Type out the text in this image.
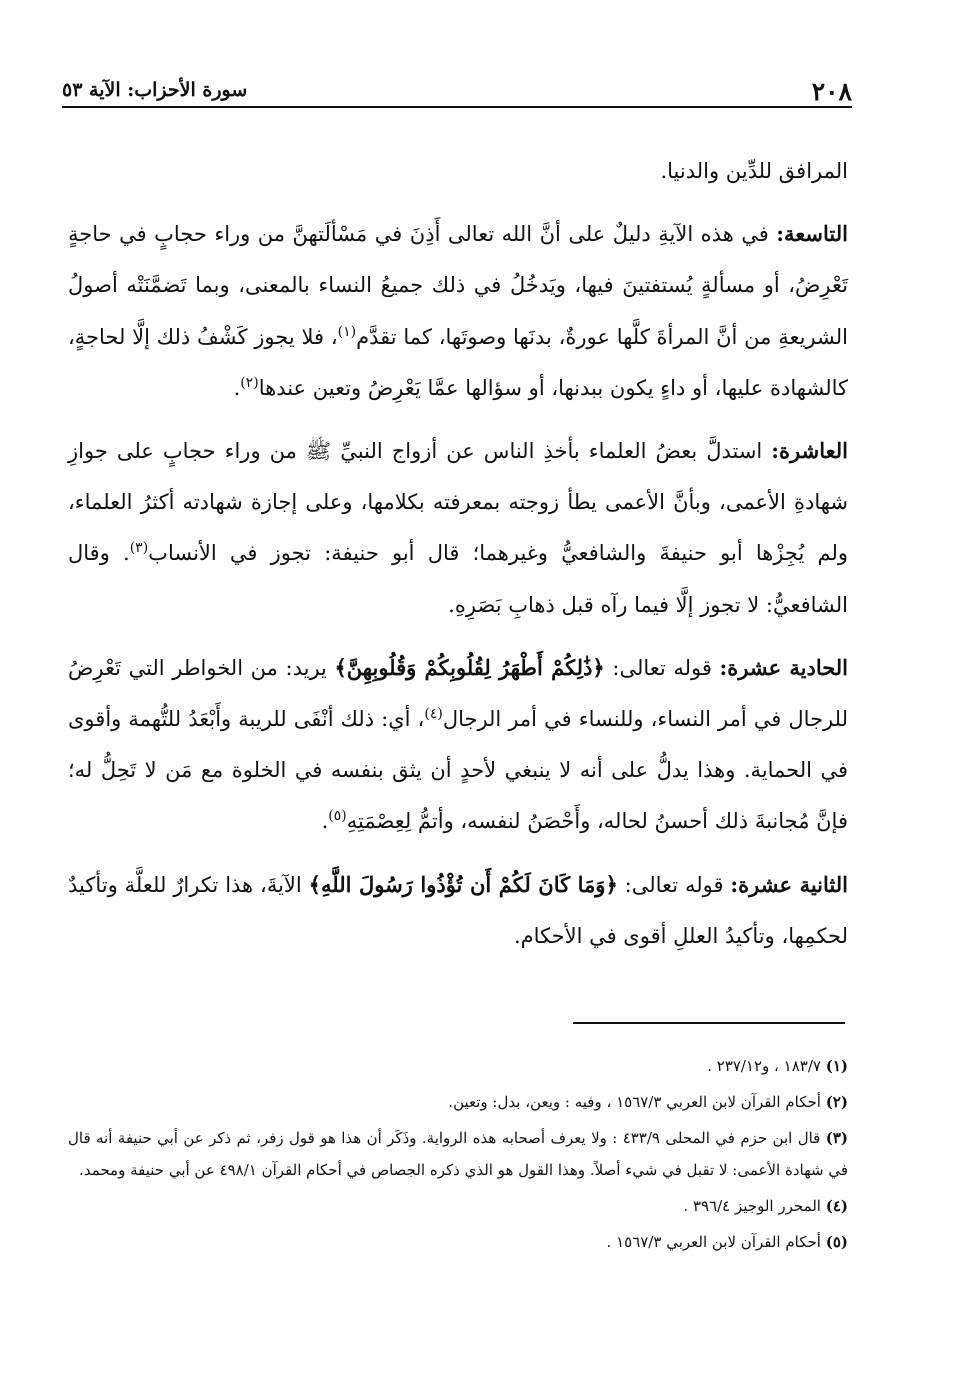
٢٠٨
سورة الأحزاب: الآية ٥٣

المرافق للدِّين والدنيا.

التاسعة: في هذه الآيةِ دليلٌ على أنَّ الله تعالى أَذِنَ في مَسْألَتهنَّ من وراء حجابٍ في حاجةٍ تَعْرِضُ، أو مسألةٍ يُستفتينَ فيها، ويَدخُلُ في ذلك جميعُ النساء بالمعنى، وبما تَضمَّنَتْه أصولُ الشريعةِ من أنَّ المرأةَ كلَّها عورةٌ، بدنَها وصوتَها، كما تقدَّم$^{(١)}$، فلا يجوز كَشْفُ ذلك إلَّا لحاجةٍ، كالشهادة عليها، أو داءٍ يكون ببدنها، أو سؤالها عمَّا يَعْرِضُ وتعين عندها$^{(٢)}$.

العاشرة: استدلَّ بعضُ العلماء بأخذِ الناس عن أزواج النبيِّ ﷺ من وراء حجابٍ على جوازِ شهادةِ الأعمى، وبأنَّ الأعمى يطأ زوجته بمعرفته بكلامها، وعلى إجازة شهادته أكثرُ العلماء، ولم يُجِزْها أبو حنيفةَ والشافعيُّ وغيرهما؛ قال أبو حنيفة: تجوز في الأنساب$^{(٣)}$. وقال الشافعيُّ: لا تجوز إلَّا فيما رآه قبل ذهابِ بَصَرِهِ.

الحادية عشرة: قوله تعالى: ﴿ذَٰلِكُمْ أَطْهَرُ لِقُلُوبِكُمْ وَقُلُوبِهِنَّ﴾ يريد: من الخواطر التي تَعْرِضُ للرجال في أمر النساء، وللنساء في أمر الرجال$^{(٤)}$، أي: ذلك أنْفَى للريبة وأَبْعَدُ للتُّهمة وأقوى في الحماية. وهذا يدلُّ على أنه لا ينبغي لأحدٍ أن يثق بنفسه في الخلوة مع مَن لا تَحِلُّ له؛ فإنَّ مُجانبةَ ذلك أحسنُ لحاله، وأَحْصَنُ لنفسه، وأتمُّ لِعِصْمَتِهِ$^{(٥)}$.

الثانية عشرة: قوله تعالى: ﴿وَمَا كَانَ لَكُمْ أَن تُؤْذُوا رَسُولَ اللَّهِ﴾ الآيةَ، هذا تكرارٌ للعلَّة وتأكيدٌ لحكمِها، وتأكيدُ العللِ أقوى في الأحكام.

(١) ١٨٣/٧ ، و٢٣٧/١٢ .
(٢) أحكام القرآن لابن العربي ١٥٦٧/٣ ، وفيه : ويعن، بدل: وتعين.
(٣) قال ابن حزم في المحلى ٤٣٣/٩ : ولا يعرف أصحابه هذه الرواية. وذَكَر أن هذا هو قول زفر، ثم ذكر عن أبي حنيفة أنه قال في شهادة الأعمى: لا تقبل في شيء أصلاً. وهذا القول هو الذي ذكره الجصاص في أحكام القرآن ٤٩٨/١ عن أبي حنيفة ومحمد.
(٤) المحرر الوجيز ٣٩٦/٤ .
(٥) أحكام القرآن لابن العربي ١٥٦٧/٣ .
